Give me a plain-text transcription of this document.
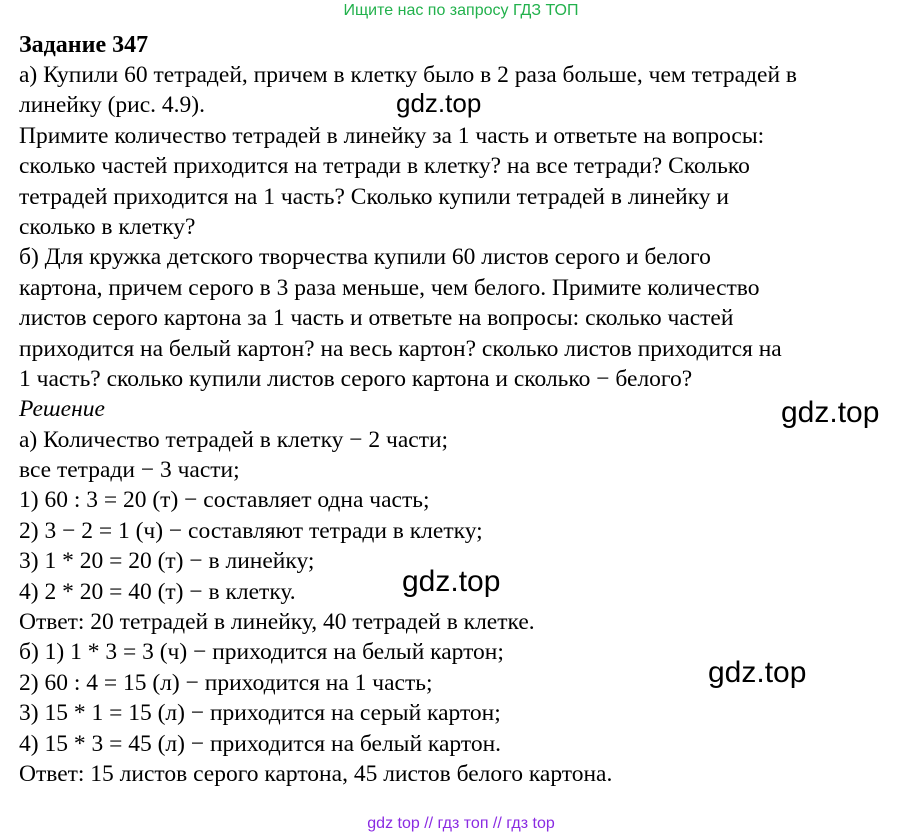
Ищите нас по запросу ГДЗ ТОП
Задание 347
а) Купили 60 тетрадей, причем в клетку было в 2 раза больше, чем тетрадей в
линейку (рис. 4.9).
Примите количество тетрадей в линейку за 1 часть и ответьте на вопросы:
сколько частей приходится на тетради в клетку? на все тетради? Сколько
тетрадей приходится на 1 часть? Сколько купили тетрадей в линейку и
сколько в клетку?
б) Для кружка детского творчества купили 60 листов серого и белого
картона, причем серого в 3 раза меньше, чем белого. Примите количество
листов серого картона за 1 часть и ответьте на вопросы: сколько частей
приходится на белый картон? на весь картон? сколько листов приходится на
1 часть? сколько купили листов серого картона и сколько − белого?
Решение
а) Количество тетрадей в клетку − 2 части;
все тетради − 3 части;
1) 60 : 3 = 20 (т) − составляет одна часть;
2) 3 − 2 = 1 (ч) − составляют тетради в клетку;
3) 1 * 20 = 20 (т) − в линейку;
4) 2 * 20 = 40 (т) − в клетку.
Ответ: 20 тетрадей в линейку, 40 тетрадей в клетке.
б) 1) 1 * 3 = 3 (ч) − приходится на белый картон;
2) 60 : 4 = 15 (л) − приходится на 1 часть;
3) 15 * 1 = 15 (л) − приходится на серый картон;
4) 15 * 3 = 45 (л) − приходится на белый картон.
Ответ: 15 листов серого картона, 45 листов белого картона.
gdz.top
gdz.top
gdz.top
gdz.top
gdz top // гдз топ // гдз top
